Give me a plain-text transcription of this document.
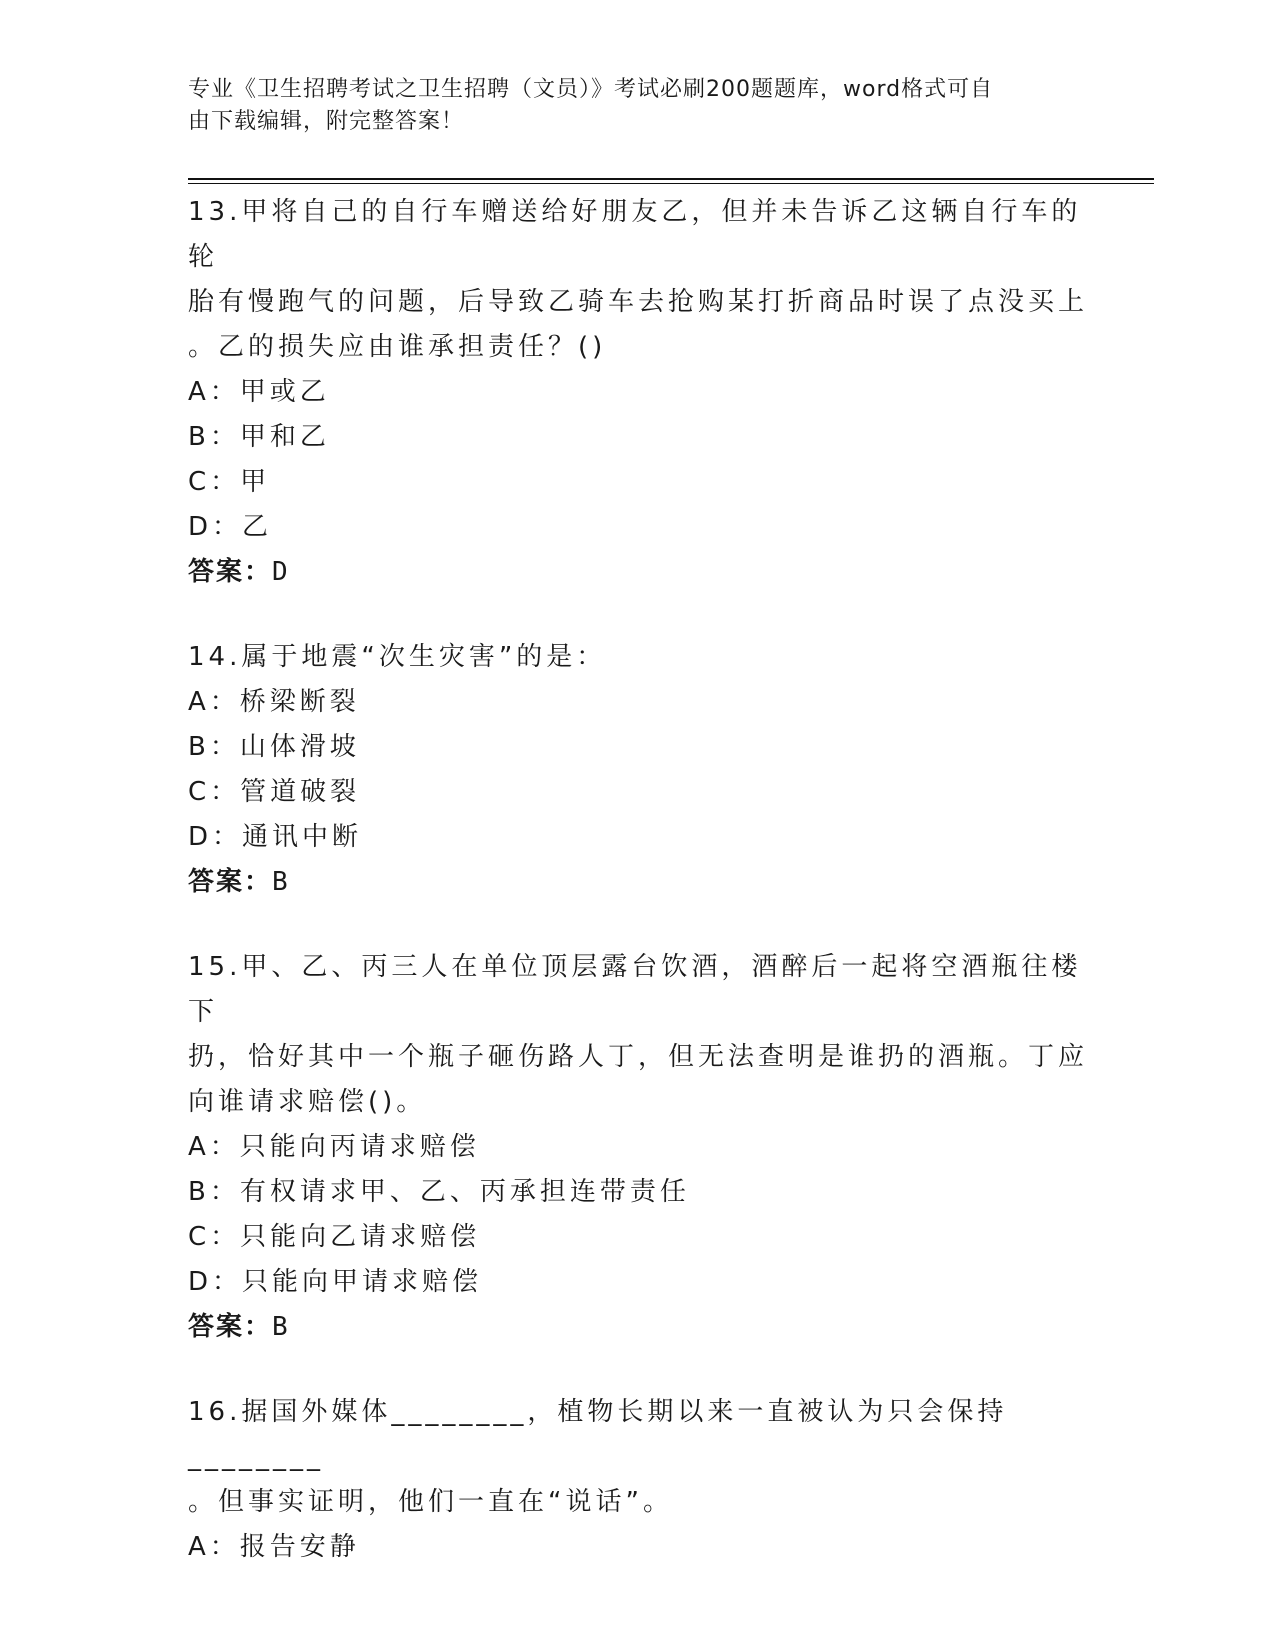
专业《卫生招聘考试之卫生招聘（文员）》考试必刷200题题库，word格式可自
由下载编辑，附完整答案！

13.甲将自己的自行车赠送给好朋友乙，但并未告诉乙这辆自行车的轮

胎有慢跑气的问题，后导致乙骑车去抢购某打折商品时误了点没买上

。乙的损失应由谁承担责任？()

A：甲或乙

B：甲和乙

C：甲

D：乙

答案：D

14.属于地震“次生灾害”的是：

A：桥梁断裂

B：山体滑坡

C：管道破裂

D：通讯中断

答案：B

15.甲、乙、丙三人在单位顶层露台饮酒，酒醉后一起将空酒瓶往楼下

扔，恰好其中一个瓶子砸伤路人丁，但无法查明是谁扔的酒瓶。丁应

向谁请求赔偿()。

A：只能向丙请求赔偿

B：有权请求甲、乙、丙承担连带责任

C：只能向乙请求赔偿

D：只能向甲请求赔偿

答案：B

16.据国外媒体________，植物长期以来一直被认为只会保持________

。但事实证明，他们一直在“说话”。

A：报告安静
